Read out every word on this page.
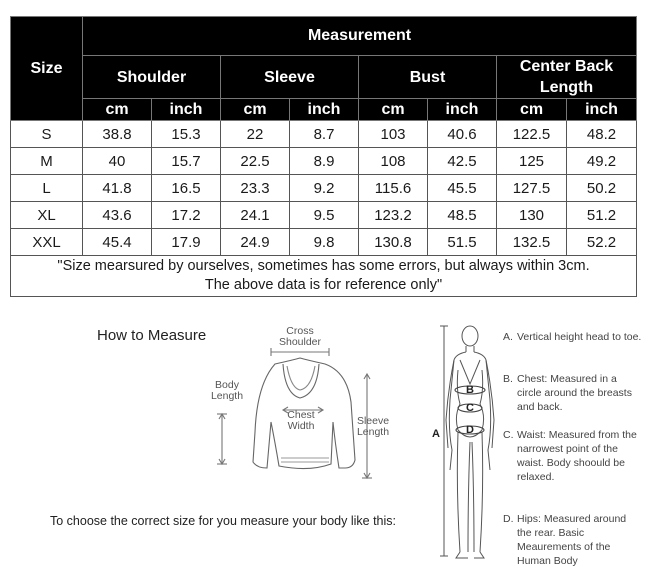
Size	Measurement							
	Shoulder		Sleeve		Bust		Center Back Length	
	cm	inch	cm	inch	cm	inch	cm	inch
S	38.8	15.3	22	8.7	103	40.6	122.5	48.2
M	40	15.7	22.5	8.9	108	42.5	125	49.2
L	41.8	16.5	23.3	9.2	115.6	45.5	127.5	50.2
XL	43.6	17.2	24.1	9.5	123.2	48.5	130	51.2
XXL	45.4	17.9	24.9	9.8	130.8	51.5	132.5	52.2
"Size mearsured by ourselves, sometimes has some errors, but always within 3cm.
The above data is for reference only"								
How to Measure	Cross
Shoulder
Body
Length
Chest
Width	Sleeve
Length
To choose the correct size for you measure your body like this:
A
B
C
D
A. Vertical height head to toe.
B. Chest: Measured in a circle around the breasts and back.
C. Waist: Measured from the narrowest point of the waist. Body shoould be relaxed.
D. Hips: Measured around the rear. Basic Meaurements of the Human Body
